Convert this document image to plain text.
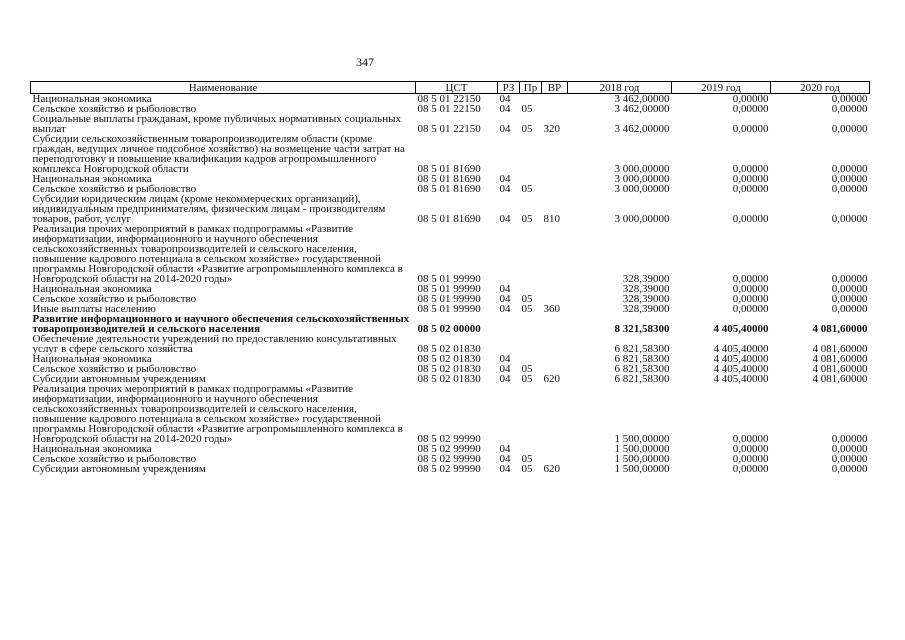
347
Наименование	ЦСТ	РЗ	Пр	ВР	2018 год	2019 год	2020 год
Национальная экономика	08 5 01 22150	04			3 462,00000	0,00000	0,00000
Сельское хозяйство и рыболовство	08 5 01 22150	04	05		3 462,00000	0,00000	0,00000
Социальные выплаты гражданам, кроме публичных нормативных социальных выплат	08 5 01 22150	04	05	320	3 462,00000	0,00000	0,00000
Субсидии сельскохозяйственным товаропроизводителям области (кроме граждан, ведущих личное подсобное хозяйство) на возмещение части затрат на переподготовку и повышение квалификации кадров агропромышленного комплекса Новгородской области	08 5 01 81690				3 000,00000	0,00000	0,00000
Национальная экономика	08 5 01 81690	04			3 000,00000	0,00000	0,00000
Сельское хозяйство и рыболовство	08 5 01 81690	04	05		3 000,00000	0,00000	0,00000
Субсидии юридическим лицам (кроме некоммерческих организаций), индивидуальным предпринимателям, физическим лицам - производителям товаров, работ, услуг	08 5 01 81690	04	05	810	3 000,00000	0,00000	0,00000
Реализация прочих мероприятий в рамках подпрограммы «Развитие информатизации, информационного и научного обеспечения сельскохозяйственных товаропроизводителей и сельского населения, повышение кадрового потенциала в сельском хозяйстве» государственной программы Новгородской области «Развитие агропромышленного комплекса в Новгородской области на 2014-2020 годы»	08 5 01 99990				328,39000	0,00000	0,00000
Национальная экономика	08 5 01 99990	04			328,39000	0,00000	0,00000
Сельское хозяйство и рыболовство	08 5 01 99990	04	05		328,39000	0,00000	0,00000
Иные выплаты населению	08 5 01 99990	04	05	360	328,39000	0,00000	0,00000
Развитие информационного и научного обеспечения сельскохозяйственных товаропроизводителей и сельского населения	08 5 02 00000				8 321,58300	4 405,40000	4 081,60000
Обеспечение деятельности учреждений по предоставлению консультативных услуг в сфере сельского хозяйства	08 5 02 01830				6 821,58300	4 405,40000	4 081,60000
Национальная экономика	08 5 02 01830	04			6 821,58300	4 405,40000	4 081,60000
Сельское хозяйство и рыболовство	08 5 02 01830	04	05		6 821,58300	4 405,40000	4 081,60000
Субсидии автономным учреждениям	08 5 02 01830	04	05	620	6 821,58300	4 405,40000	4 081,60000
Реализация прочих мероприятий в рамках подпрограммы «Развитие информатизации, информационного и научного обеспечения сельскохозяйственных товаропроизводителей и сельского населения, повышение кадрового потенциала в сельском хозяйстве» государственной программы Новгородской области «Развитие агропромышленного комплекса в Новгородской области на 2014-2020 годы»	08 5 02 99990				1 500,00000	0,00000	0,00000
Национальная экономика	08 5 02 99990	04			1 500,00000	0,00000	0,00000
Сельское хозяйство и рыболовство	08 5 02 99990	04	05		1 500,00000	0,00000	0,00000
Субсидии автономным учреждениям	08 5 02 99990	04	05	620	1 500,00000	0,00000	0,00000
